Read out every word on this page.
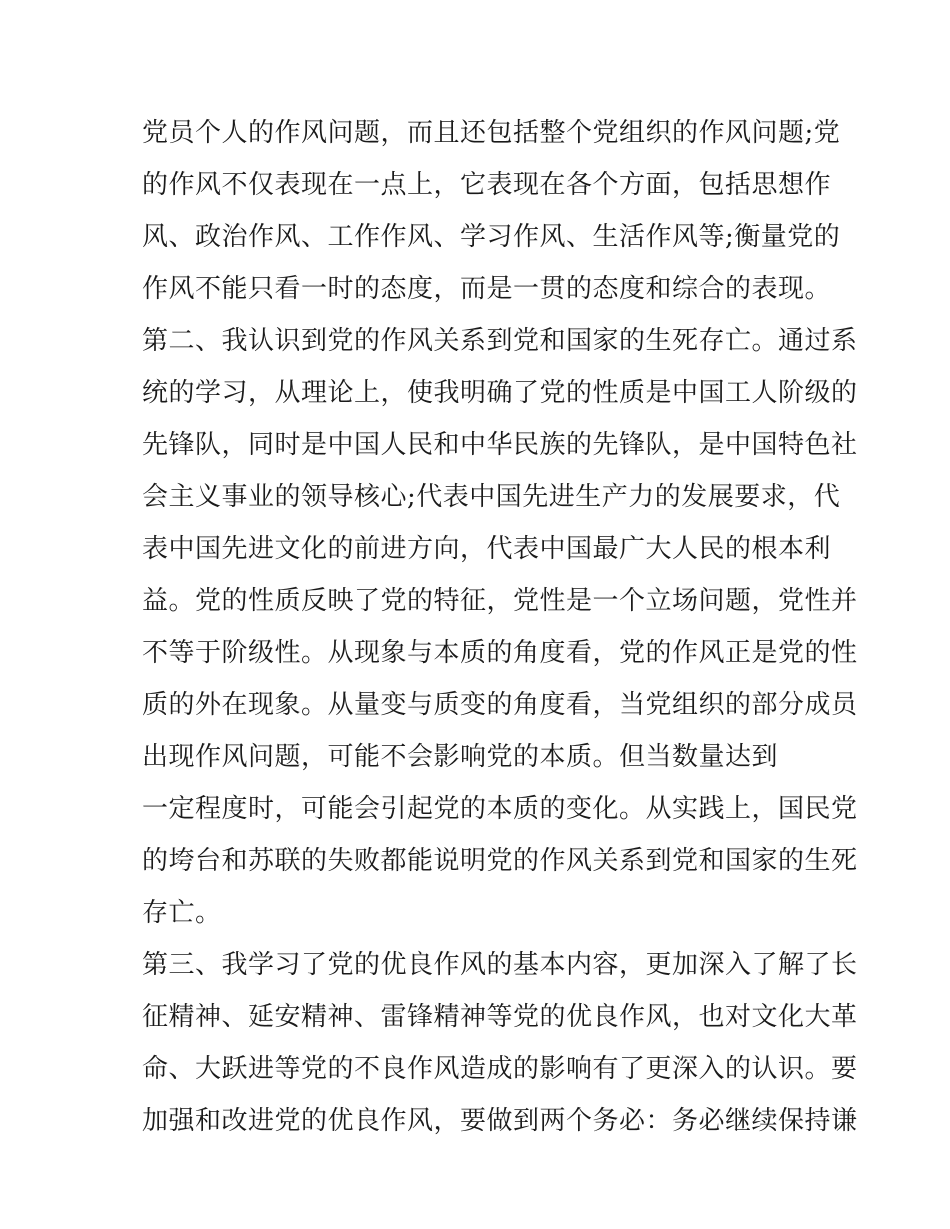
党员个人的作风问题，而且还包括整个党组织的作风问题;党
的作风不仅表现在一点上，它表现在各个方面，包括思想作
风、政治作风、工作作风、学习作风、生活作风等;衡量党的
作风不能只看一时的态度，而是一贯的态度和综合的表现。
第二、我认识到党的作风关系到党和国家的生死存亡。通过系
统的学习，从理论上，使我明确了党的性质是中国工人阶级的
先锋队，同时是中国人民和中华民族的先锋队，是中国特色社
会主义事业的领导核心;代表中国先进生产力的发展要求，代
表中国先进文化的前进方向，代表中国最广大人民的根本利
益。党的性质反映了党的特征，党性是一个立场问题，党性并
不等于阶级性。从现象与本质的角度看，党的作风正是党的性
质的外在现象。从量变与质变的角度看，当党组织的部分成员
出现作风问题，可能不会影响党的本质。但当数量达到
一定程度时，可能会引起党的本质的变化。从实践上，国民党
的垮台和苏联的失败都能说明党的作风关系到党和国家的生死
存亡。
第三、我学习了党的优良作风的基本内容，更加深入了解了长
征精神、延安精神、雷锋精神等党的优良作风，也对文化大革
命、大跃进等党的不良作风造成的影响有了更深入的认识。要
加强和改进党的优良作风，要做到两个务必：务必继续保持谦
